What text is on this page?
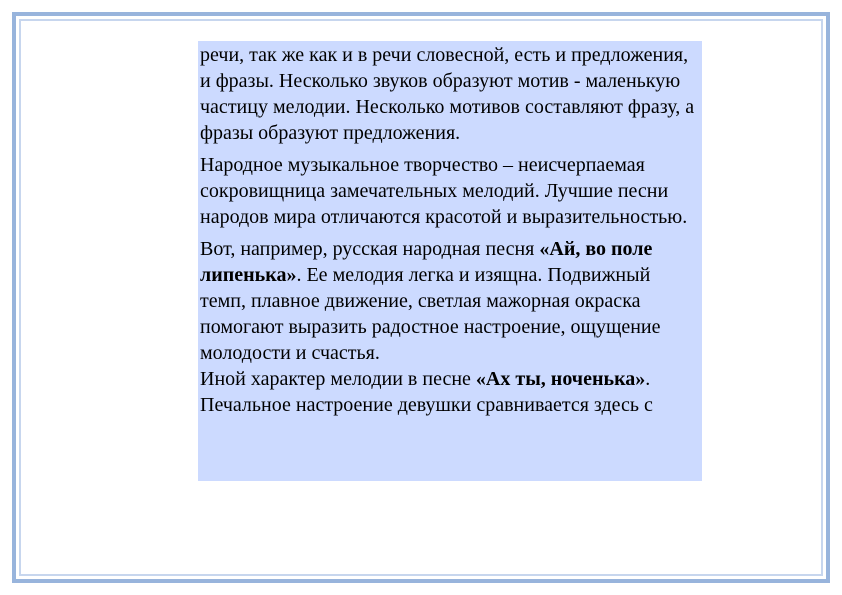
речи, так же как и в речи словесной, есть и предложения, и фразы. Несколько звуков образуют мотив - маленькую частицу мелодии. Несколько мотивов составляют фразу, а фразы образуют предложения.

Народное музыкальное творчество – неисчерпаемая сокровищница замечательных мелодий. Лучшие песни народов мира отличаются красотой и выразительностью.

Вот, например, русская народная песня «Ай, во поле липенька». Ее мелодия легка и изящна. Подвижный темп, плавное движение, светлая мажорная окраска помогают выразить радостное настроение, ощущение молодости и счастья.

Иной характер мелодии в песне «Ах ты, ноченька». Печальное настроение девушки сравнивается здесь с
